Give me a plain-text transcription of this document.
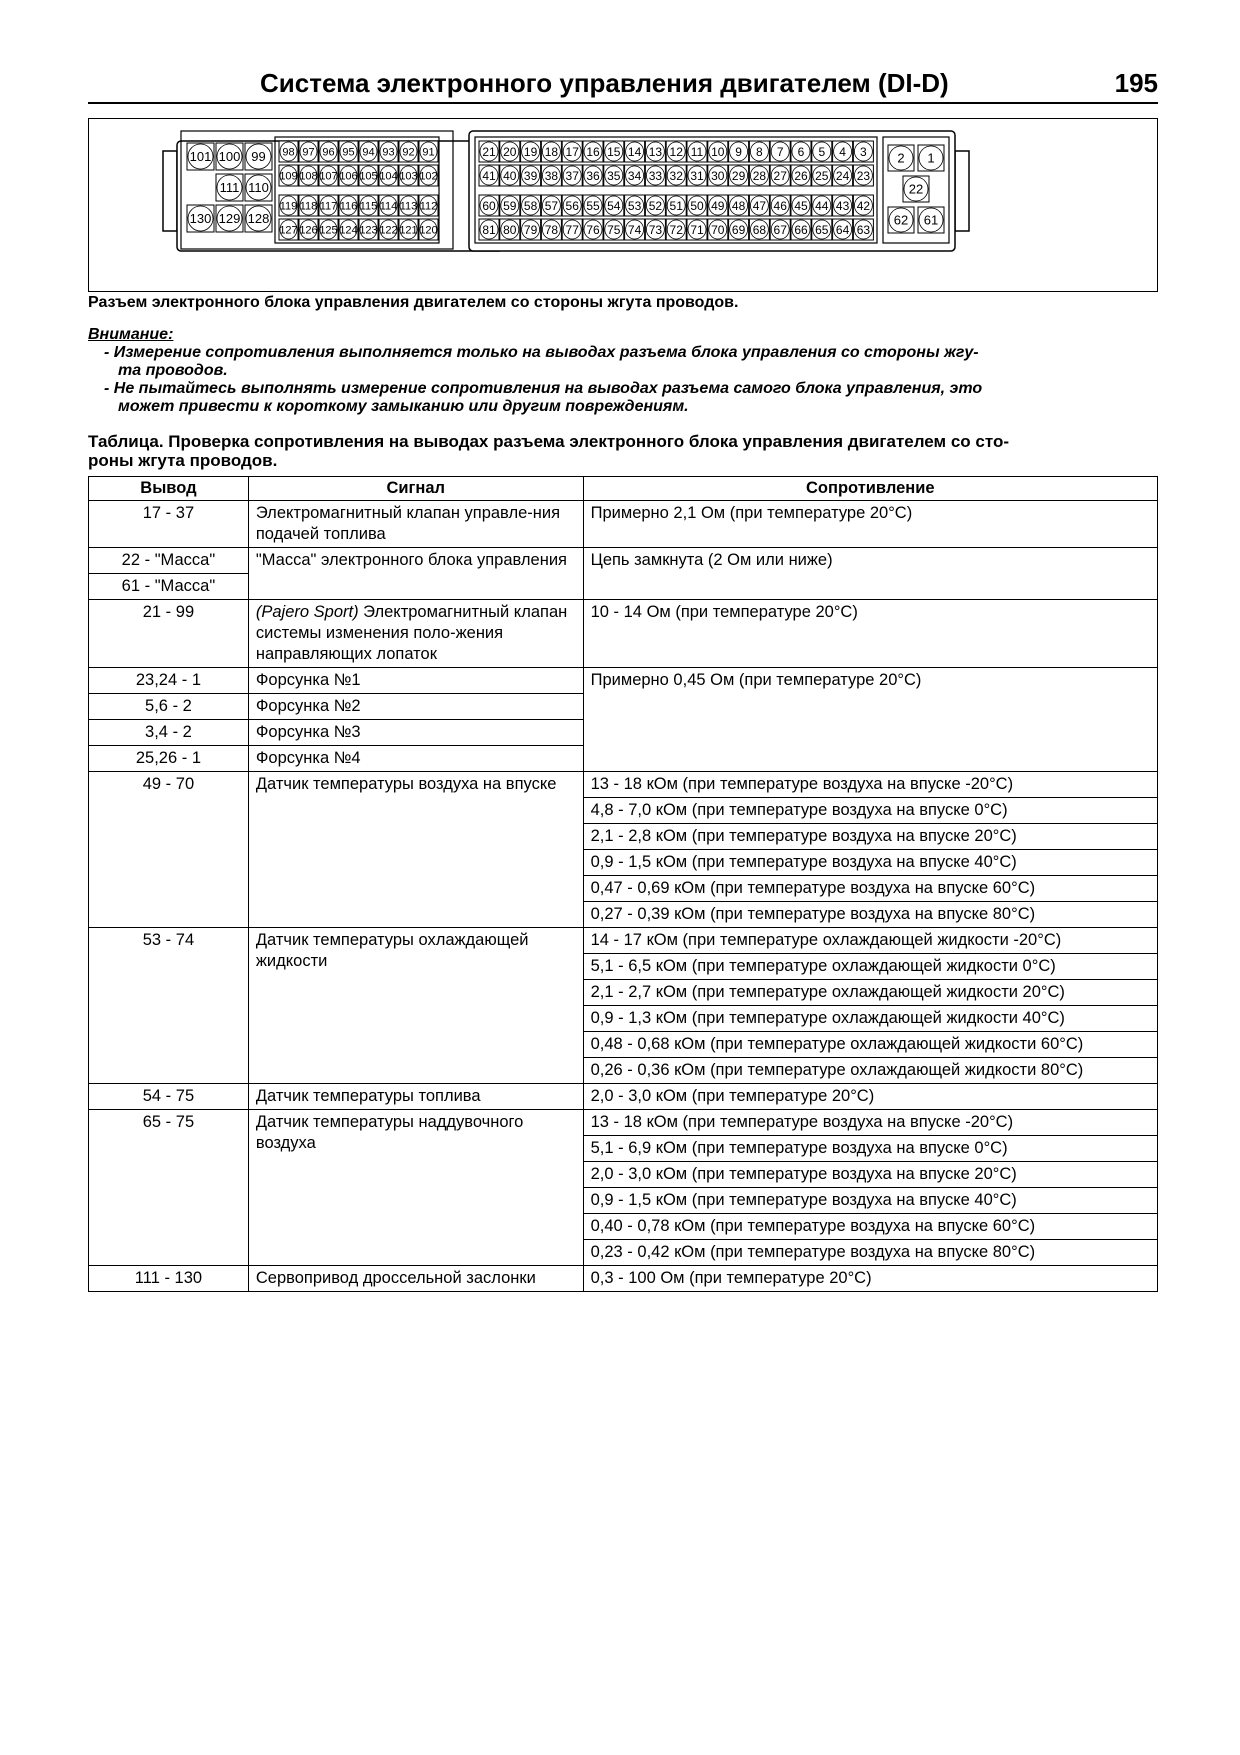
Система электронного управления двигателем (DI-D)	195
101 100 99
111 110
130 129 128
98 97 96 95 94 93 92 91
109 108 107 106 105 104 103 102
119 118 117 116 115 114 113 112
127 126 125 124 123 122 121 120
21 20 19 18 17 16 15 14 13 12 11 10 9 8 7 6 5 4 3
41 40 39 38 37 36 35 34 33 32 31 30 29 28 27 26 25 24 23
60 59 58 57 56 55 54 53 52 51 50 49 48 47 46 45 44 43 42
81 80 79 78 77 76 75 74 73 72 71 70 69 68 67 66 65 64 63
2 1
22
62 61
Разъем электронного блока управления двигателем со стороны жгута проводов.
Внимание:
- Измерение сопротивления выполняется только на выводах разъема блока управления со стороны жгу-
та проводов.
- Не пытайтесь выполнять измерение сопротивления на выводах разъема самого блока управления, это
может привести к короткому замыканию или другим повреждениям.
Таблица. Проверка сопротивления на выводах разъема электронного блока управления двигателем со сто-
роны жгута проводов.
Вывод	Сигнал	Сопротивление
17 - 37	Электромагнитный клапан управле-ния подачей топлива	Примерно 2,1 Ом (при температуре 20°С)
22 - "Масса"	"Масса" электронного блока управления	Цепь замкнута (2 Ом или ниже)
61 - "Масса"		
21 - 99	(Pajero Sport) Электромагнитный клапан системы изменения поло-жения направляющих лопаток	10 - 14 Ом (при температуре 20°С)
23,24 - 1	Форсунка №1	Примерно 0,45 Ом (при температуре 20°С)
5,6 - 2	Форсунка №2	
3,4 - 2	Форсунка №3	
25,26 - 1	Форсунка №4	
49 - 70	Датчик температуры воздуха на впуске	13 - 18 кОм (при температуре воздуха на впуске -20°С)
		4,8 - 7,0 кОм (при температуре воздуха на впуске 0°С)
		2,1 - 2,8 кОм (при температуре воздуха на впуске 20°С)
		0,9 - 1,5 кОм (при температуре воздуха на впуске 40°С)
		0,47 - 0,69 кОм (при температуре воздуха на впуске 60°С)
		0,27 - 0,39 кОм (при температуре воздуха на впуске 80°С)
53 - 74	Датчик температуры охлаждающей жидкости	14 - 17 кОм (при температуре охлаждающей жидкости -20°С)
		5,1 - 6,5 кОм (при температуре охлаждающей жидкости 0°С)
		2,1 - 2,7 кОм (при температуре охлаждающей жидкости 20°С)
		0,9 - 1,3 кОм (при температуре охлаждающей жидкости 40°С)
		0,48 - 0,68 кОм (при температуре охлаждающей жидкости 60°С)
		0,26 - 0,36 кОм (при температуре охлаждающей жидкости 80°С)
54 - 75	Датчик температуры топлива	2,0 - 3,0 кОм (при температуре 20°С)
65 - 75	Датчик температуры наддувочного воздуха	13 - 18 кОм (при температуре воздуха на впуске -20°С)
		5,1 - 6,9 кОм (при температуре воздуха на впуске 0°С)
		2,0 - 3,0 кОм (при температуре воздуха на впуске 20°С)
		0,9 - 1,5 кОм (при температуре воздуха на впуске 40°С)
		0,40 - 0,78 кОм (при температуре воздуха на впуске 60°С)
		0,23 - 0,42 кОм (при температуре воздуха на впуске 80°С)
111 - 130	Сервопривод дроссельной заслонки	0,3 - 100 Ом (при температуре 20°С)
